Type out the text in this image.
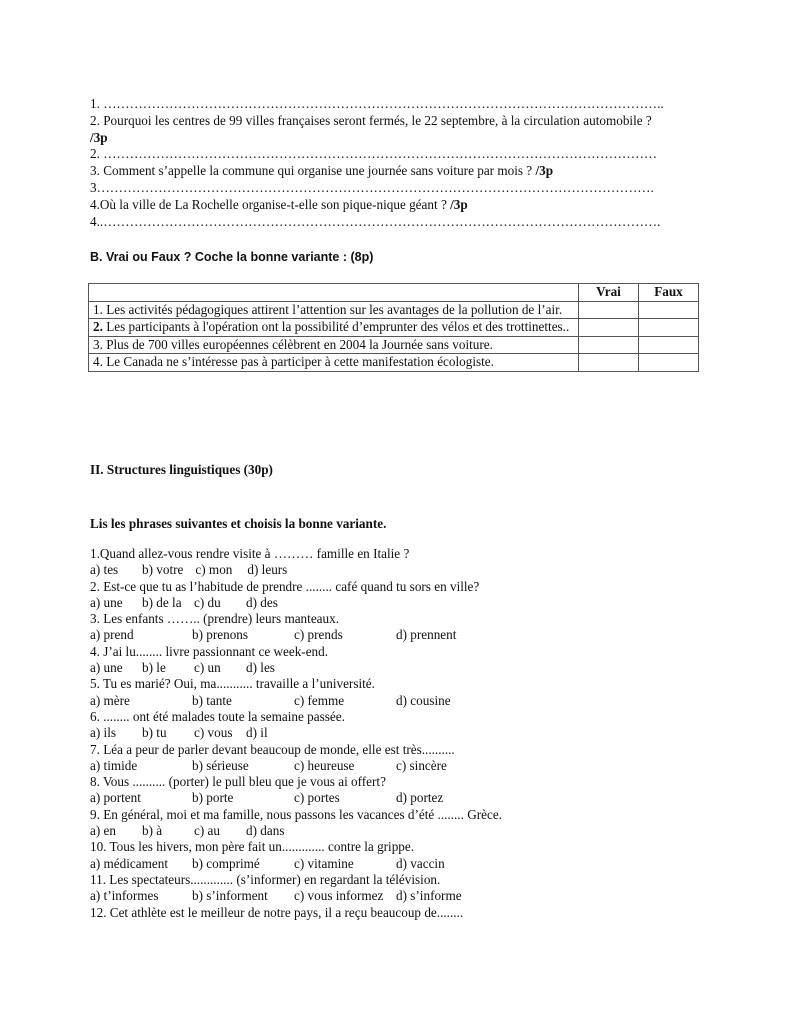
1. ………………………………………………………………………………………………………………..
2. Pourquoi les centres de 99 villes françaises seront fermés, le 22 septembre, à la circulation automobile ?
/3p
2. ………………………………………………………………………………………………………………
3. Comment s’appelle la commune qui organise une journée sans voiture par mois ? /3p
3……………………………………………………………………………………………………………….
4.Où la ville de La Rochelle organise-t-elle son pique-nique géant ? /3p
4..……………………………………………………………………………………………………………….
B. Vrai ou Faux ? Coche la bonne variante : (8p)
	Vrai	Faux
1. Les activités pédagogiques attirent l’attention sur les avantages de la pollution de l’air.		
2. Les participants à l'opération ont la possibilité d’emprunter des vélos et des trottinettes..		
3. Plus de 700 villes européennes célèbrent en 2004 la Journée sans voiture.		
4. Le Canada ne s’intéresse pas à participer à cette manifestation écologiste.		
II. Structures linguistiques (30p)
Lis les phrases suivantes et choisis la bonne variante.
1.Quand allez-vous rendre visite à ……… famille en Italie ?
a) tes b) votre c) mon d) leurs
2. Est-ce que tu as l’habitude de prendre ........ café quand tu sors en ville?
a) une b) de la c) du d) des
3. Les enfants …….. (prendre) leurs manteaux.
a) prend	b) prenons	c) prends	d) prennent
4. J’ai lu........ livre passionnant ce week-end.
a) une b) le c) un d) les
5. Tu es marié? Oui, ma........... travaille a l’université.
a) mère	b) tante	c) femme	d) cousine
6. ........ ont été malades toute la semaine passée.
a) ils b) tu c) vous d) il
7. Léa a peur de parler devant beaucoup de monde, elle est très..........
a) timide	b) sérieuse	c) heureuse	c) sincère
8. Vous .......... (porter) le pull bleu que je vous ai offert?
a) portent	b) porte	c) portes	d) portez
9. En général, moi et ma famille, nous passons les vacances d’été ........ Grèce.
a) en b) à c) au d) dans
10. Tous les hivers, mon père fait un............. contre la grippe.
a) médicament b) comprimé	c) vitamine	d) vaccin
11. Les spectateurs............. (s’informer) en regardant la télévision.
a) t’informes	b) s’informent c) vous informez d) s’informe
12. Cet athlète est le meilleur de notre pays, il a reçu beaucoup de........
